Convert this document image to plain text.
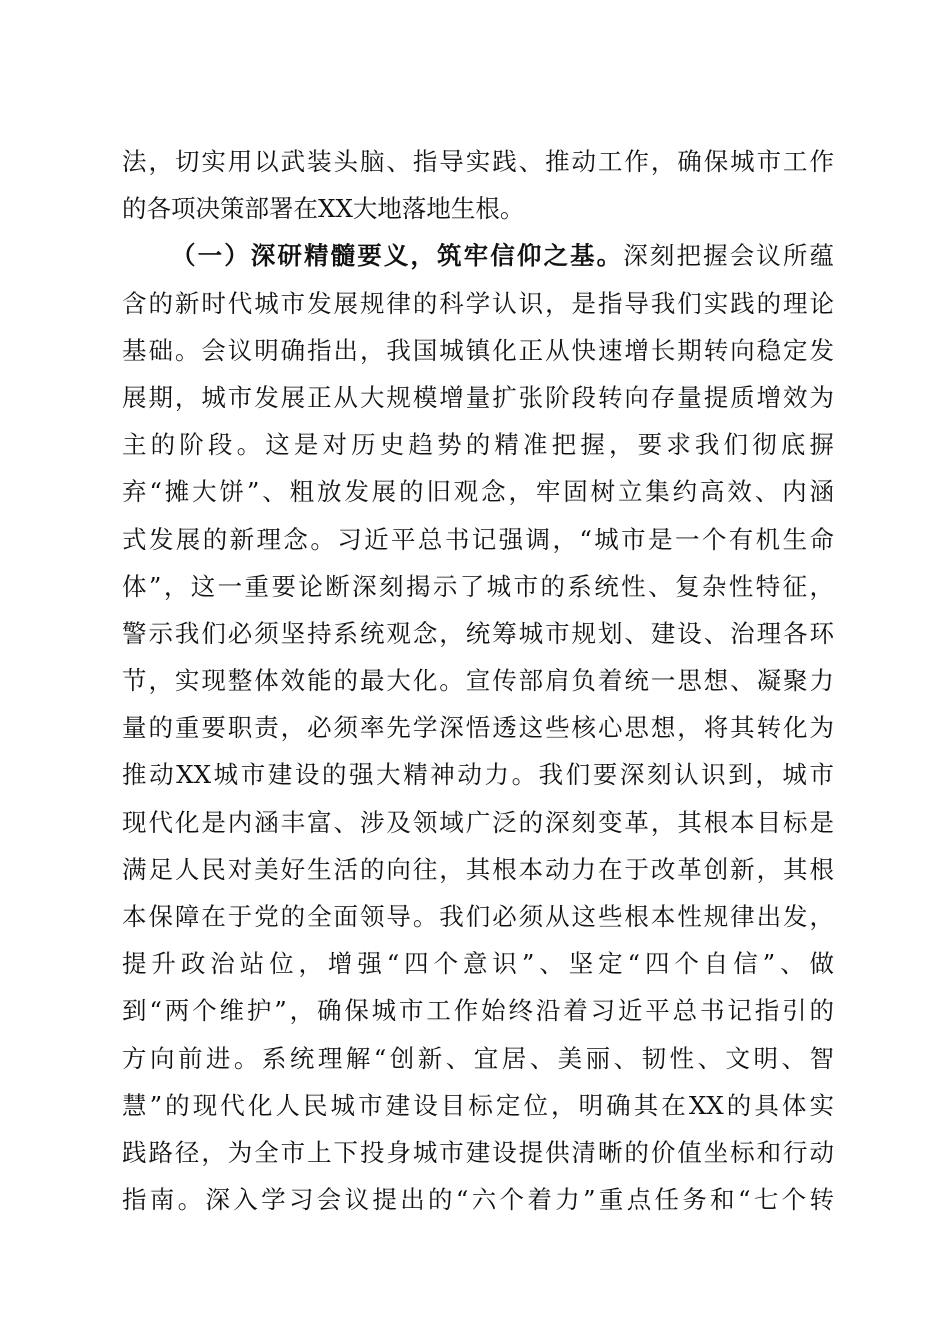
法，切实用以武装头脑、指导实践、推动工作，确保城市工作
的各项决策部署在XX大地落地生根。
（一）深研精髓要义，筑牢信仰之基。深刻把握会议所蕴
含的新时代城市发展规律的科学认识，是指导我们实践的理论
基础。会议明确指出，我国城镇化正从快速增长期转向稳定发
展期，城市发展正从大规模增量扩张阶段转向存量提质增效为
主的阶段。这是对历史趋势的精准把握，要求我们彻底摒
弃“摊大饼”、粗放发展的旧观念，牢固树立集约高效、内涵
式发展的新理念。习近平总书记强调，“城市是一个有机生命
体”，这一重要论断深刻揭示了城市的系统性、复杂性特征，
警示我们必须坚持系统观念，统筹城市规划、建设、治理各环
节，实现整体效能的最大化。宣传部肩负着统一思想、凝聚力
量的重要职责，必须率先学深悟透这些核心思想，将其转化为
推动XX城市建设的强大精神动力。我们要深刻认识到，城市
现代化是内涵丰富、涉及领域广泛的深刻变革，其根本目标是
满足人民对美好生活的向往，其根本动力在于改革创新，其根
本保障在于党的全面领导。我们必须从这些根本性规律出发，
提升政治站位，增强“四个意识”、坚定“四个自信”、做
到“两个维护”，确保城市工作始终沿着习近平总书记指引的
方向前进。系统理解“创新、宜居、美丽、韧性、文明、智
慧”的现代化人民城市建设目标定位，明确其在XX的具体实
践路径，为全市上下投身城市建设提供清晰的价值坐标和行动
指南。深入学习会议提出的“六个着力”重点任务和“七个转
